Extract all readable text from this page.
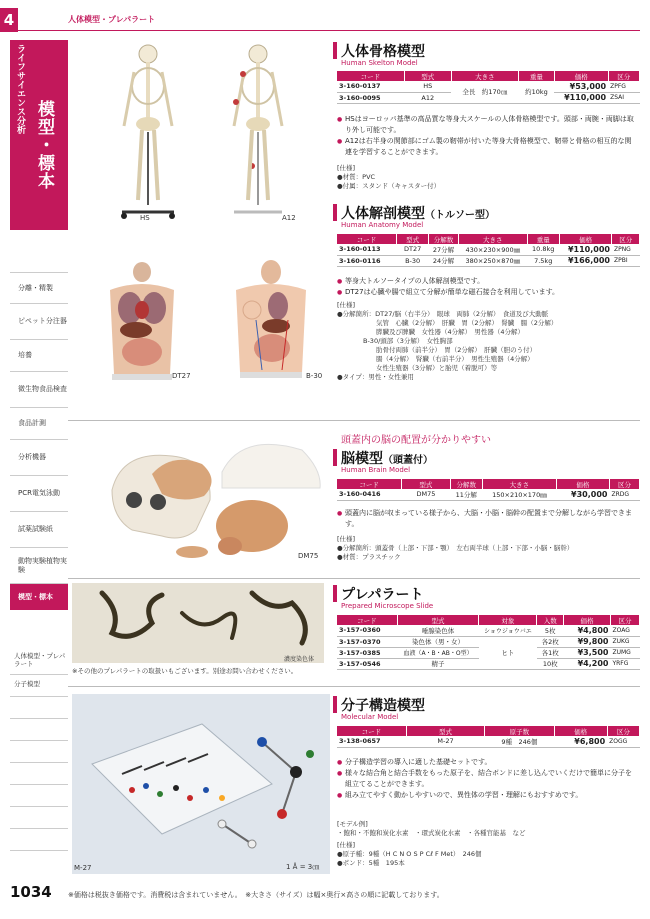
4	人体模型・プレパラート
ライフサイエンス分析
模型・標本
分離・精製
ピペット分注器
培養
微生物食品検査
食品計測
分析機器
PCR電気泳動
試薬試験紙
動物実験植物実験
模型・標本
人体模型・プレパラート
分子模型
HS	A12
人体骨格模型
Human Skelton Model
コード	型式	大きさ	重量	価格	区分
3-160-0137	HS	全長　約170㎝	約10kg	¥53,000	ZPFG
3-160-0095	A12			¥110,000	ZSAI
● HSはヨーロッパ基準の高品質な等身大スケールの人体骨格模型です。頭部・両腕・両脚は取り外し可能です。
● A12は右半身の関節部にゴム製の靭帯が付いた等身大骨格模型で、靭帯と骨格の相互的な関連を学習することができます。
[仕様]
●材質：PVC
●付属：スタンド（キャスター付）
DT27	B-30
人体解剖模型（トルソー型）
Human Anatomy Model
コード	型式	分解数	大きさ	重量	価格	区分
3-160-0113	DT27	27分解	430×230×900㎜	10.8kg	¥110,000	ZPNG
3-160-0116	B-30	24分解	380×250×870㎜	7.5kg	¥166,000	ZPBI
● 等身大トルソータイプの人体解剖模型です。
● DT27は心臓や腸で組立て分解が簡単な磁石接合を利用しています。
[仕様]
●分解箇所：DT27/脳（右半分）　眼球　両肺（2分解）　食道及び大動脈
　　　　　　気管　心臓（2分解）　肝臓　胃（2分解）　腎臓　腸（2分解）
　　　　　　膵臓及び脾臓　女性器（4分解）　男性器（4分解）
　　　　B-30/頭部（3分解）　女性胸部
　　　　　　肋骨付両肺（前半分）　胃（2分解）　肝臓（胆のう付）
　　　　　　腸（4分解）　腎臓（右前半分）　男性生殖器（4分解）
　　　　　　女性生殖器（3分解）と胎児（着脱可）等
●タイプ：男性・女性兼用
DM75
頭蓋内の脳の配置が分かりやすい
脳模型（頭蓋付）
Human Brain Model
コード	型式	分解数	大きさ	価格	区分
3-160-0416	DM75	11分解	150×210×170㎜	¥30,000	ZRDG
● 頭蓋内に脳が収まっている様子から、大脳・小脳・脳幹の配置まで分解しながら学習できます。
[仕様]
●分解箇所：頭蓋骨（上部・下部・顎）　左右両半球（上部・下部・小脳・脳幹）
●材質：プラスチック
濃度染色体
※その他のプレパラートの取扱いもございます。別途お問い合わせください。
プレパラート
Prepared Microscope Slide
コード	型式	対象	入数	価格	区分
3-157-0360	唾腺染色体	ショウジョウバエ	5枚	¥4,800	ZOAG
3-157-0370	染色体（男・女）	ヒト	各2枚	¥9,800	ZUKG
3-157-0385	血液（A・B・AB・O型）		各1枚	¥3,500	ZUMG
3-157-0546	精子		10枚	¥4,200	YRFG
M-27	1 Å = 3㎝
分子構造模型
Molecular Model
コード	型式	原子数	価格	区分
3-138-0657	M-27	9種　246個	¥6,800	ZOGG
● 分子構造学習の導入に適した基礎セットです。
● 様々な結合角と結合手数をもった原子を、結合ボンドに差し込んでいくだけで簡単に分子を組立てることができます。
● 組み立てやすく動かしやすいので、異性体の学習・理解にもおすすめです。
[モデル例]
・飽和・不飽和炭化水素　・環式炭化水素　・各種官能基　など
[仕様]
●原子種：9種（H C N O S P Cℓ F Met）　246個
●ボンド：5種　195本
1034 ※価格は税抜き価格です。消費税は含まれていません。　※大きさ（サイズ）は幅×奥行×高さの順に記載しております。
